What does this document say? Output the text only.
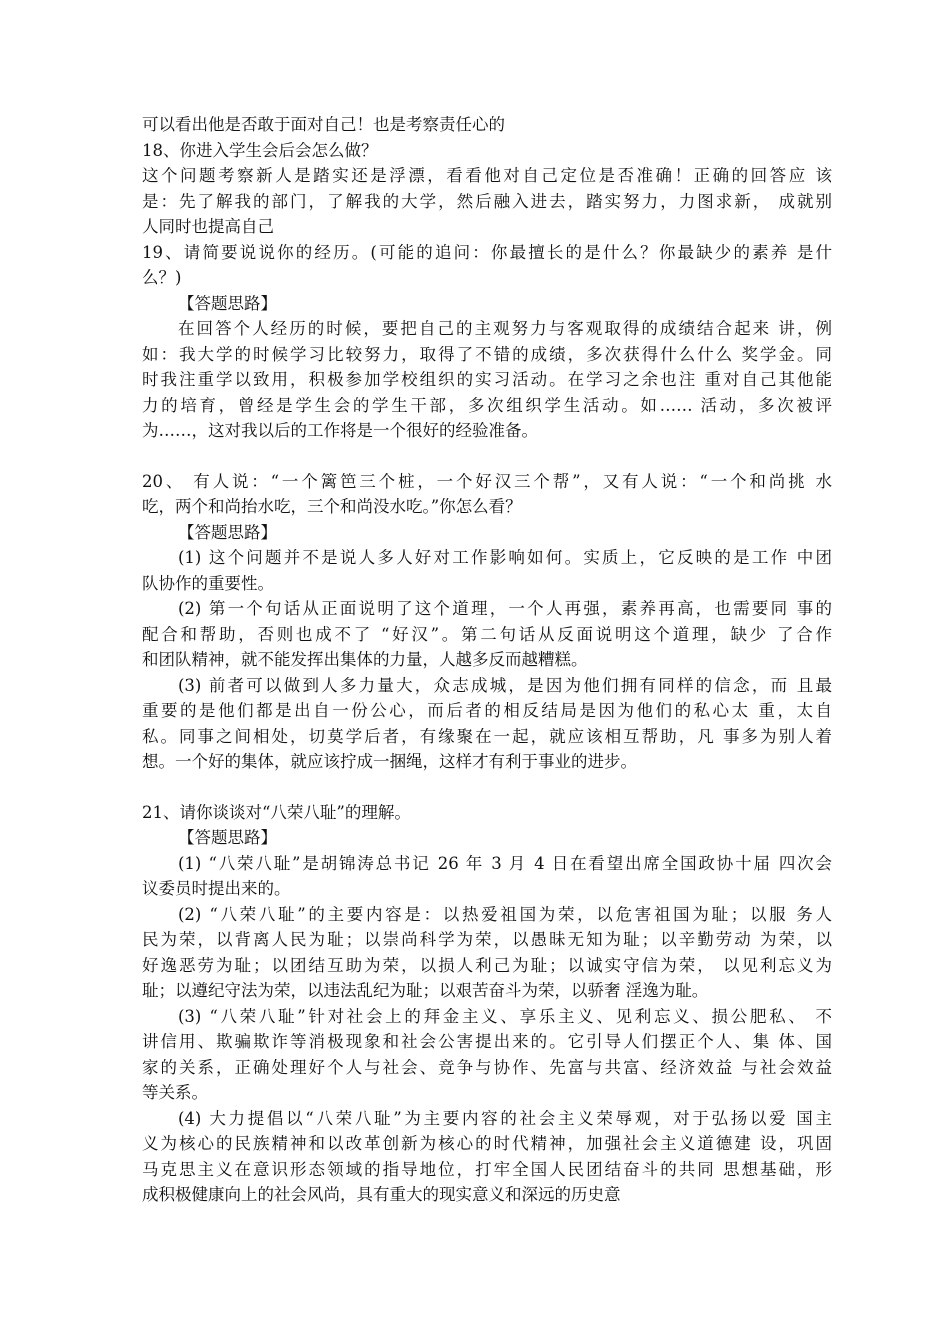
可以看出他是否敢于面对自己！也是考察责任心的
18、你进入学生会后会怎么做？
这个问题考察新人是踏实还是浮漂，看看他对自己定位是否准确！正确的回答应 该
是：先了解我的部门，了解我的大学，然后融入进去，踏实努力，力图求新， 成就别
人同时也提高自己
19、请简要说说你的经历。(可能的追问：你最擅长的是什么？你最缺少的素养 是什
么？)
【答题思路】
在回答个人经历的时候，要把自己的主观努力与客观取得的成绩结合起来 讲，例
如：我大学的时候学习比较努力，取得了不错的成绩，多次获得什么什么 奖学金。同
时我注重学以致用，积极参加学校组织的实习活动。在学习之余也注 重对自己其他能
力的培育，曾经是学生会的学生干部，多次组织学生活动。如…… 活动，多次被评
为……，这对我以后的工作将是一个很好的经验准备。
20、 有人说：“一个篱笆三个桩，一个好汉三个帮”，又有人说：“一个和尚挑 水
吃，两个和尚抬水吃，三个和尚没水吃。”你怎么看？
【答题思路】
(1) 这个问题并不是说人多人好对工作影响如何。实质上，它反映的是工作 中团
队协作的重要性。
(2) 第一个句话从正面说明了这个道理，一个人再强，素养再高，也需要同 事的
配合和帮助，否则也成不了 “好汉”。第二句话从反面说明这个道理，缺少 了合作
和团队精神，就不能发挥出集体的力量，人越多反而越糟糕。
(3) 前者可以做到人多力量大，众志成城，是因为他们拥有同样的信念，而 且最
重要的是他们都是出自一份公心，而后者的相反结局是因为他们的私心太 重，太自
私。同事之间相处，切莫学后者，有缘聚在一起，就应该相互帮助，凡 事多为别人着
想。一个好的集体，就应该拧成一捆绳，这样才有利于事业的进步。
21、请你谈谈对“八荣八耻”的理解。
【答题思路】
(1) “八荣八耻”是胡锦涛总书记 26 年 3 月 4 日在看望出席全国政协十届 四次会
议委员时提出来的。
(2) “八荣八耻”的主要内容是：以热爱祖国为荣，以危害祖国为耻；以服 务人
民为荣，以背离人民为耻；以崇尚科学为荣，以愚昧无知为耻；以辛勤劳动 为荣，以
好逸恶劳为耻；以团结互助为荣，以损人利己为耻；以诚实守信为荣， 以见利忘义为
耻；以遵纪守法为荣，以违法乱纪为耻；以艰苦奋斗为荣，以骄奢 淫逸为耻。
(3) “八荣八耻”针对社会上的拜金主义、享乐主义、见利忘义、损公肥私、 不
讲信用、欺骗欺诈等消极现象和社会公害提出来的。它引导人们摆正个人、集 体、国
家的关系，正确处理好个人与社会、竞争与协作、先富与共富、经济效益 与社会效益
等关系。
(4) 大力提倡以“八荣八耻”为主要内容的社会主义荣辱观，对于弘扬以爱 国主
义为核心的民族精神和以改革创新为核心的时代精神，加强社会主义道德建 设，巩固
马克思主义在意识形态领域的指导地位，打牢全国人民团结奋斗的共同 思想基础，形
成积极健康向上的社会风尚，具有重大的现实意义和深远的历史意
